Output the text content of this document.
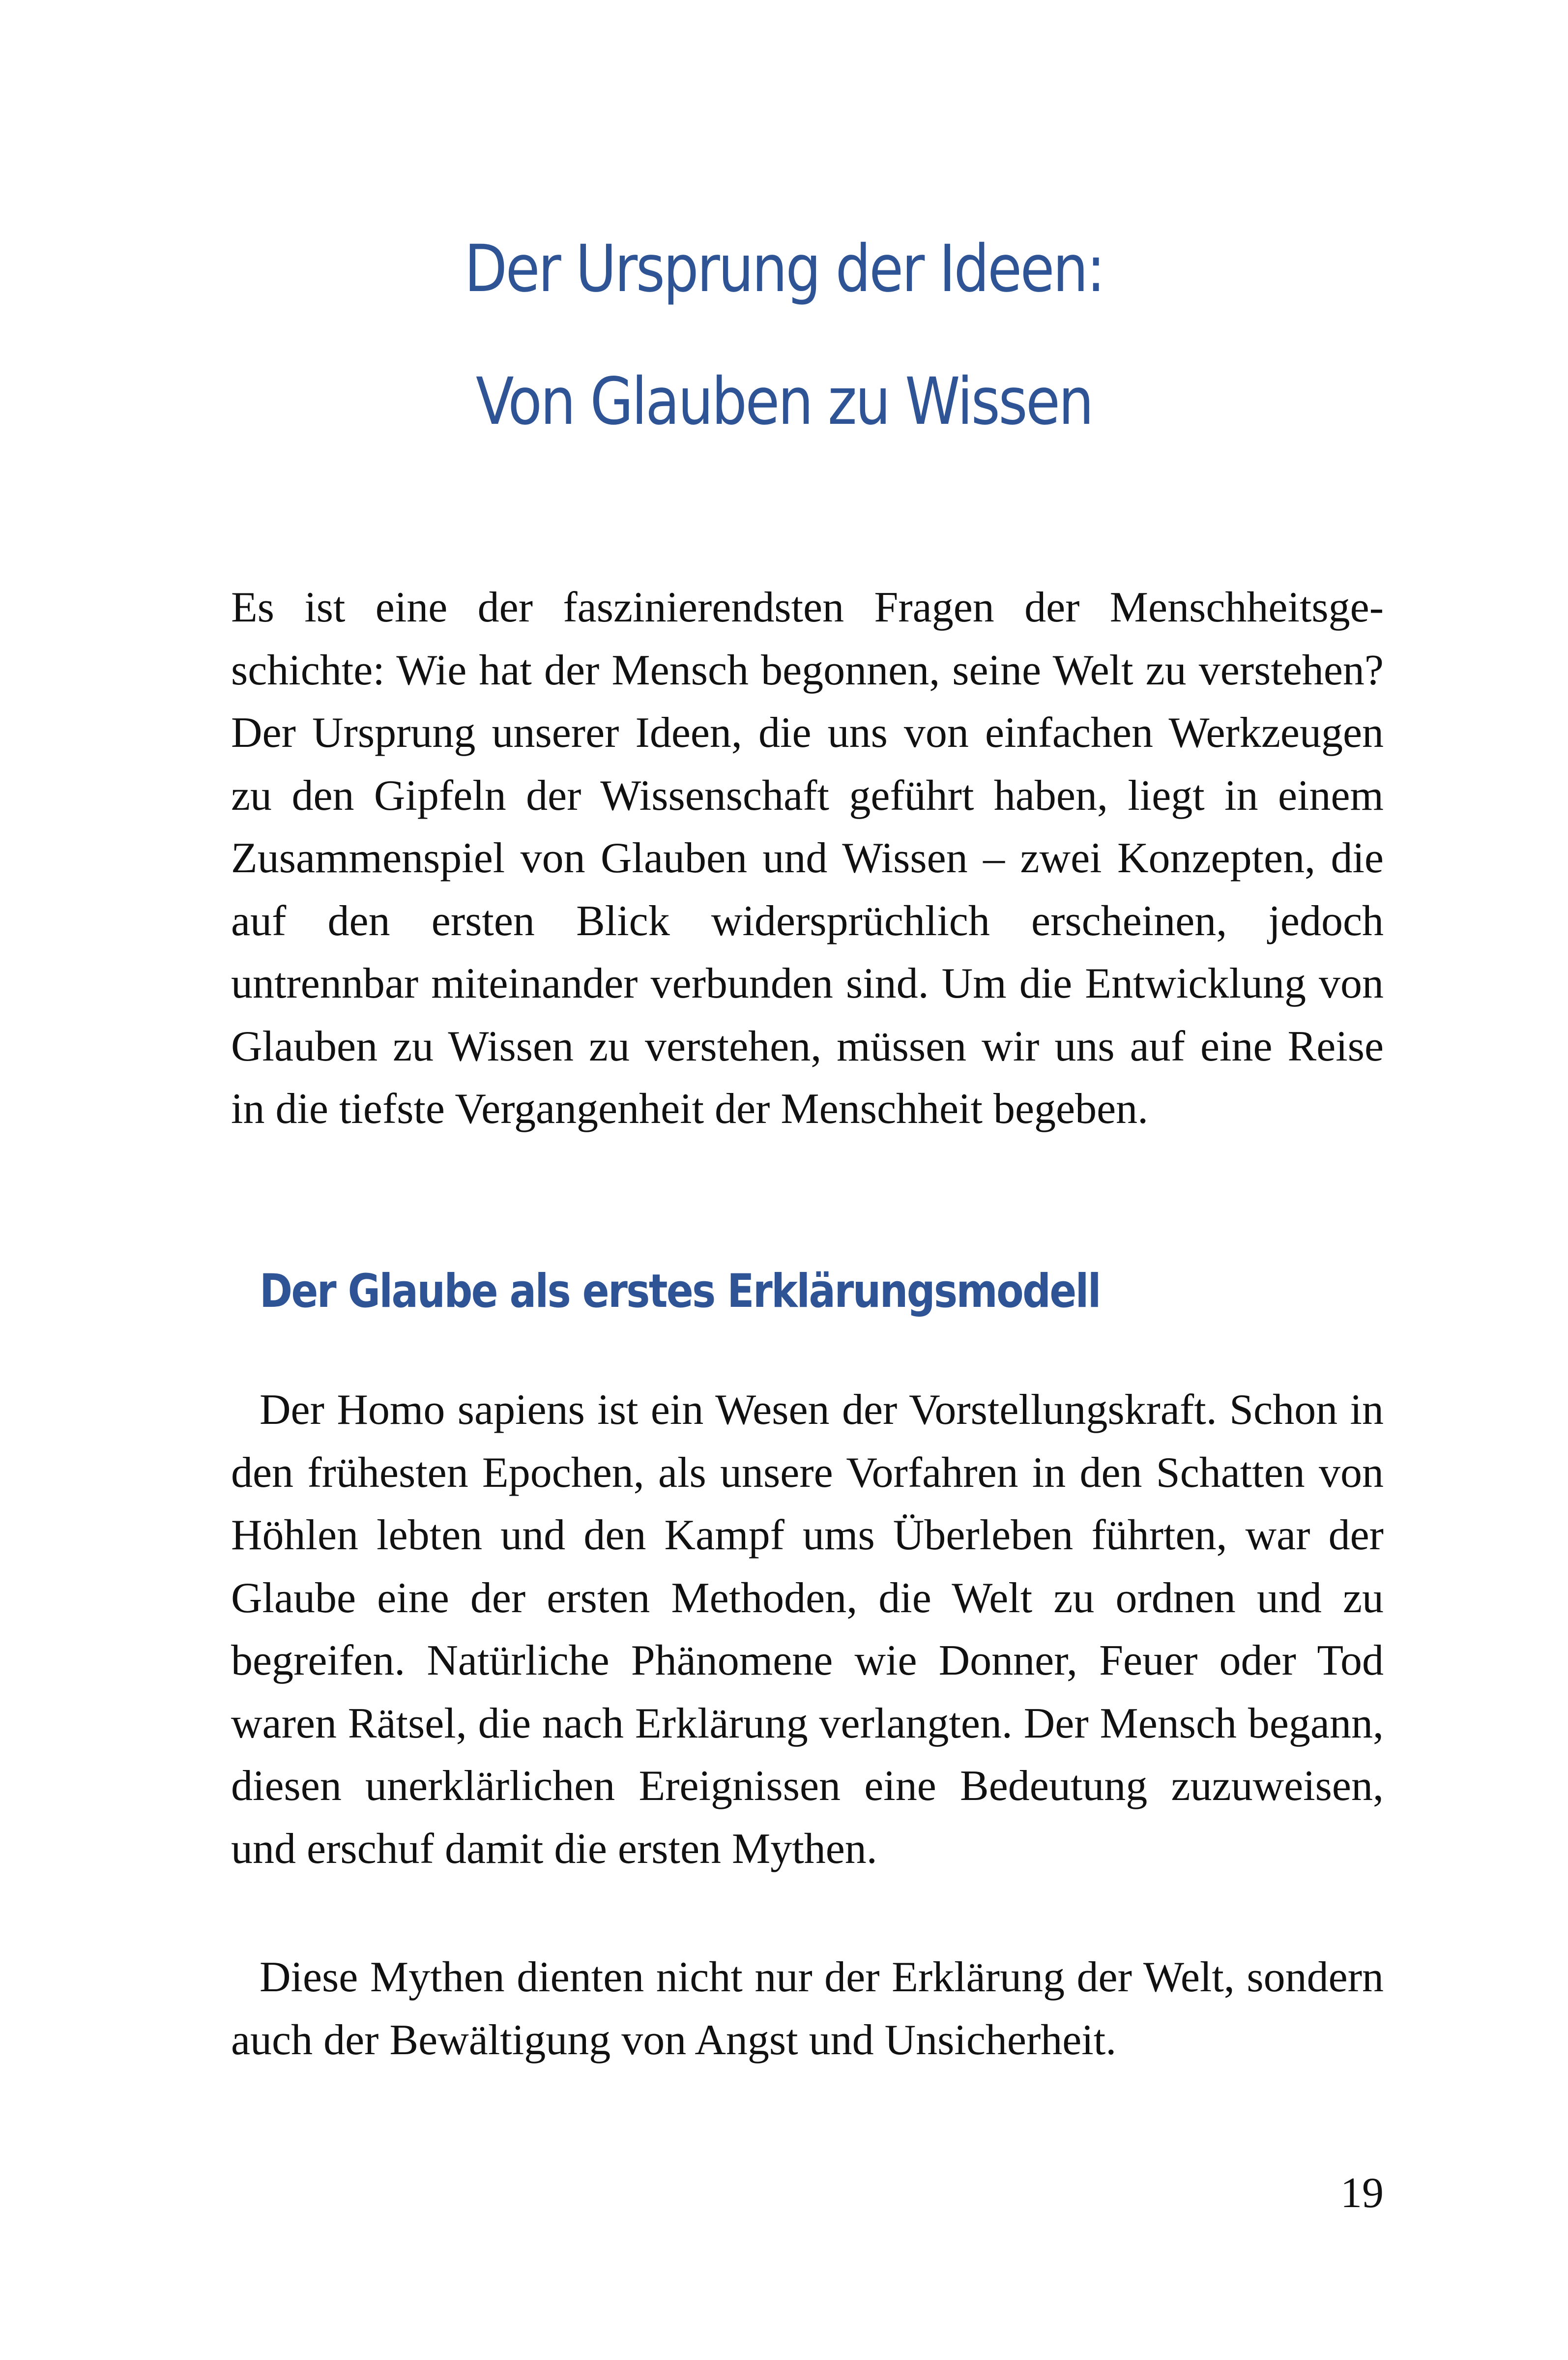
Der Ursprung der Ideen:
Von Glauben zu Wissen

Es ist eine der faszinierendsten Fragen der Menschheitsgeschichte: Wie hat der Mensch begonnen, seine Welt zu verstehen? Der Ursprung unserer Ideen, die uns von einfachen Werkzeugen zu den Gipfeln der Wissenschaft geführt haben, liegt in einem Zusammenspiel von Glauben und Wissen – zwei Konzepten, die auf den ersten Blick widersprüchlich erscheinen, jedoch untrennbar miteinander verbunden sind. Um die Entwicklung von Glauben zu Wissen zu verstehen, müssen wir uns auf eine Reise in die tiefste Vergangenheit der Menschheit begeben.

Der Glaube als erstes Erklärungsmodell

Der Homo sapiens ist ein Wesen der Vorstellungskraft. Schon in den frühesten Epochen, als unsere Vorfahren in den Schatten von Höhlen lebten und den Kampf ums Überleben führten, war der Glaube eine der ersten Methoden, die Welt zu ordnen und zu begreifen. Natürliche Phänomene wie Donner, Feuer oder Tod waren Rätsel, die nach Erklärung verlangten. Der Mensch begann, diesen unerklärlichen Ereignissen eine Bedeutung zuzuweisen, und erschuf damit die ersten Mythen.

Diese Mythen dienten nicht nur der Erklärung der Welt, sondern auch der Bewältigung von Angst und Unsicherheit.

19
